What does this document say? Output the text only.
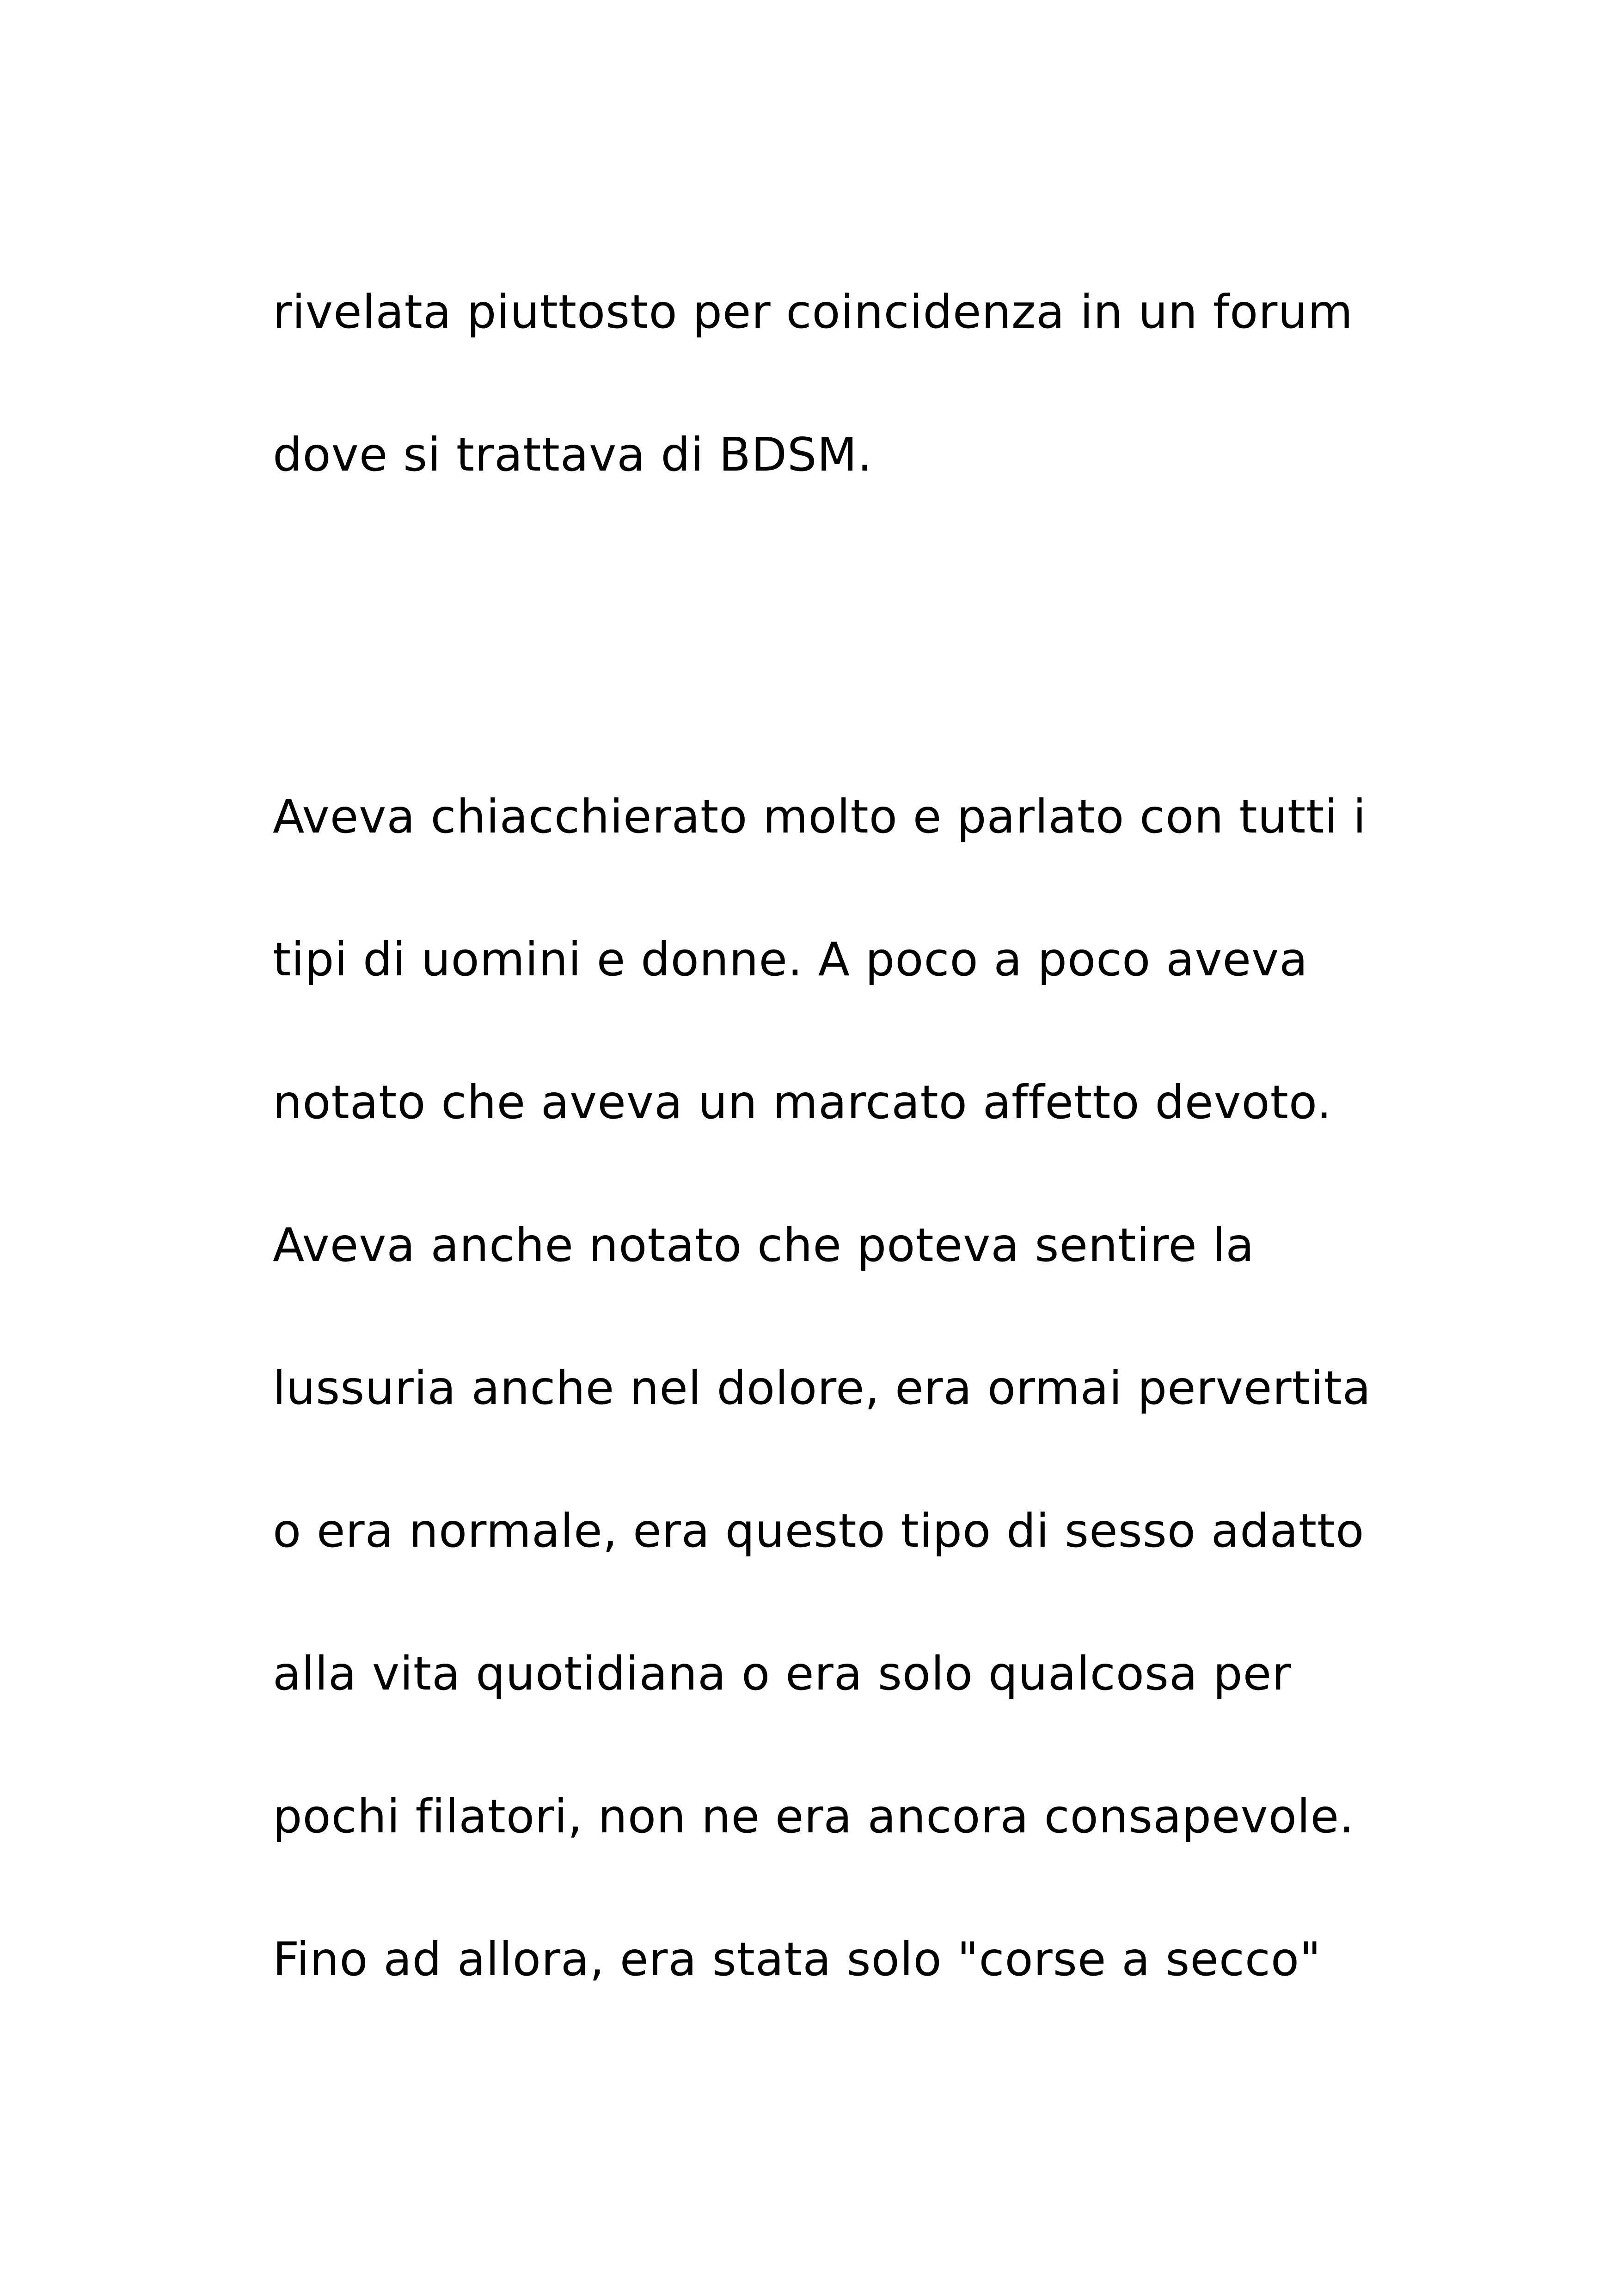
rivelata piuttosto per coincidenza in un forum
dove si trattava di BDSM.

Aveva chiacchierato molto e parlato con tutti i
tipi di uomini e donne. A poco a poco aveva
notato che aveva un marcato affetto devoto.
Aveva anche notato che poteva sentire la
lussuria anche nel dolore, era ormai pervertita
o era normale, era questo tipo di sesso adatto
alla vita quotidiana o era solo qualcosa per
pochi filatori, non ne era ancora consapevole.
Fino ad allora, era stata solo "corse a secco"
